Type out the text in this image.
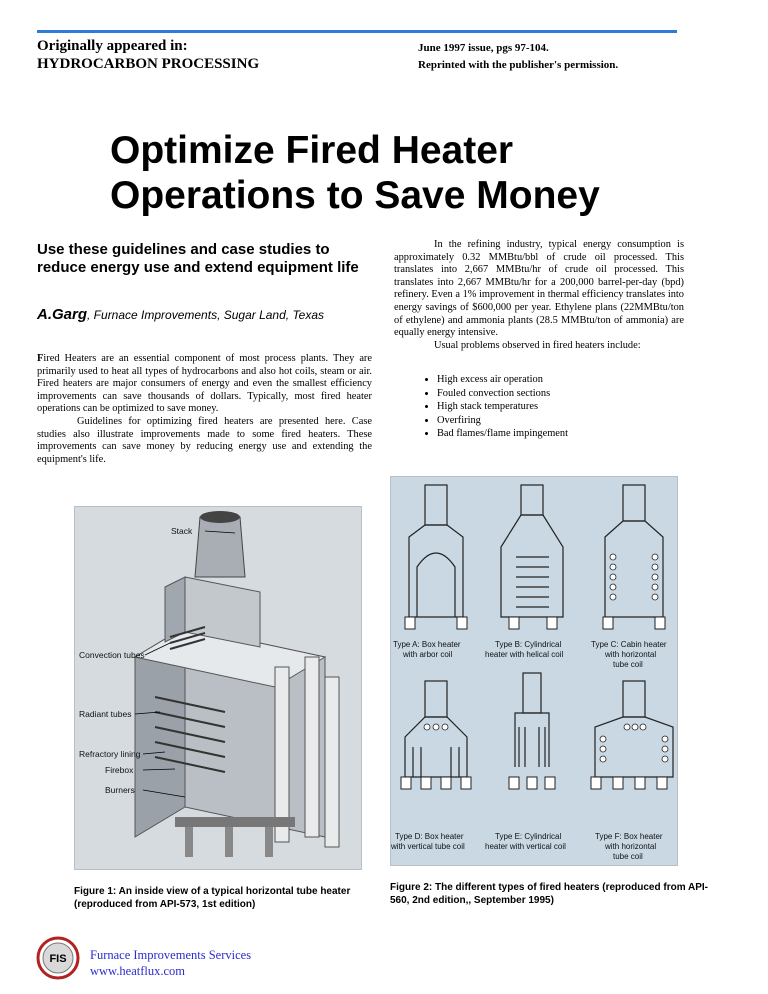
Originally appeared in:
HYDROCARBON PROCESSING
June 1997 issue, pgs 97-104.
Reprinted with the publisher's permission.
Optimize Fired Heater
Operations to Save Money
Use these guidelines and case studies to reduce energy use and extend equipment life
A.Garg, Furnace Improvements, Sugar Land, Texas

Fired Heaters are an essential component of most process plants. They are primarily used to heat all types of hydrocarbons and also hot coils, steam or air. Fired heaters are major consumers of energy and even the smallest efficiency improvements can save thousands of dollars. Typically, most fired heater operations can be optimized to save money.

Guidelines for optimizing fired heaters are presented here. Case studies also illustrate improvements made to some fired heaters. These improvements can save money by reducing energy use and extending the equipment's life.

In the refining industry, typical energy consumption is approximately 0.32 MMBtu/bbl of crude oil processed. This translates into 2,667 MMBtu/hr of crude oil processed. This translates into 2,667 MMBtu/hr for a 200,000 barrel-per-day (bpd) refinery. Even a 1% improvement in thermal efficiency translates into energy savings of $600,000 per year. Ethylene plans (22MMBtu/ton of ethylene) and ammonia plants (28.5 MMBtu/ton of ammonia) are equally energy intensive.

Usual problems observed in fired heaters include:

• High excess air operation
• Fouled convection sections
• High stack temperatures
• Overfiring
• Bad flames/flame impingement
Stack
Convection tubes
Radiant tubes
Refractory lining
Firebox
Burners
Figure 1: An inside view of a typical horizontal tube heater (reproduced from API-573, 1st edition)
Type A: Box heater
with arbor coil
Type B: Cylindrical
heater with helical coil
Type C: Cabin heater
with horizontal
tube coil
Type D: Box heater
with vertical tube coil
Type E: Cylindrical
heater with vertical coil
Type F: Box heater
with horizontal
tube coil
Figure 2: The different types of fired heaters (reproduced from API-560, 2nd edition,, September 1995)
FIS Furnace Improvements Services
www.heatflux.com
